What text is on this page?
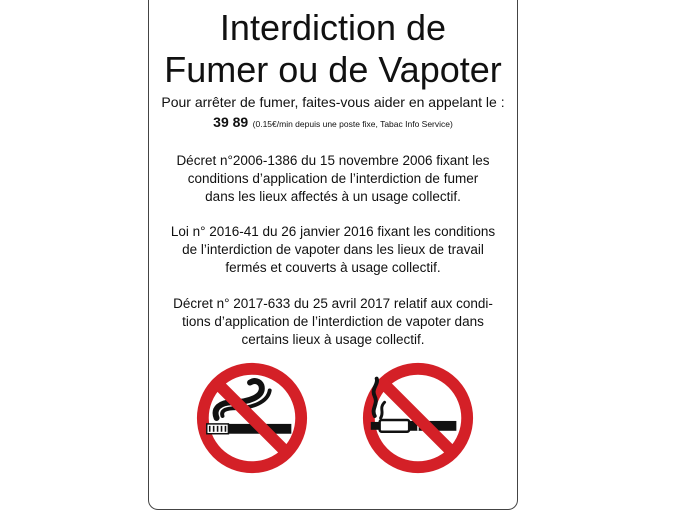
Interdiction de
Fumer ou de Vapoter
Pour arrêter de fumer, faites-vous aider en appelant le :
39 89 (0.15€/min depuis une poste fixe, Tabac Info Service)
Décret n°2006-1386 du 15 novembre 2006 fixant les
conditions d’application de l’interdiction de fumer
dans les lieux affectés à un usage collectif.
Loi n° 2016-41 du 26 janvier 2016 fixant les conditions
de l’interdiction de vapoter dans les lieux de travail
fermés et couverts à usage collectif.
Décret n° 2017-633 du 25 avril 2017 relatif aux condi-
tions d’application de l’interdiction de vapoter dans
certains lieux à usage collectif.
